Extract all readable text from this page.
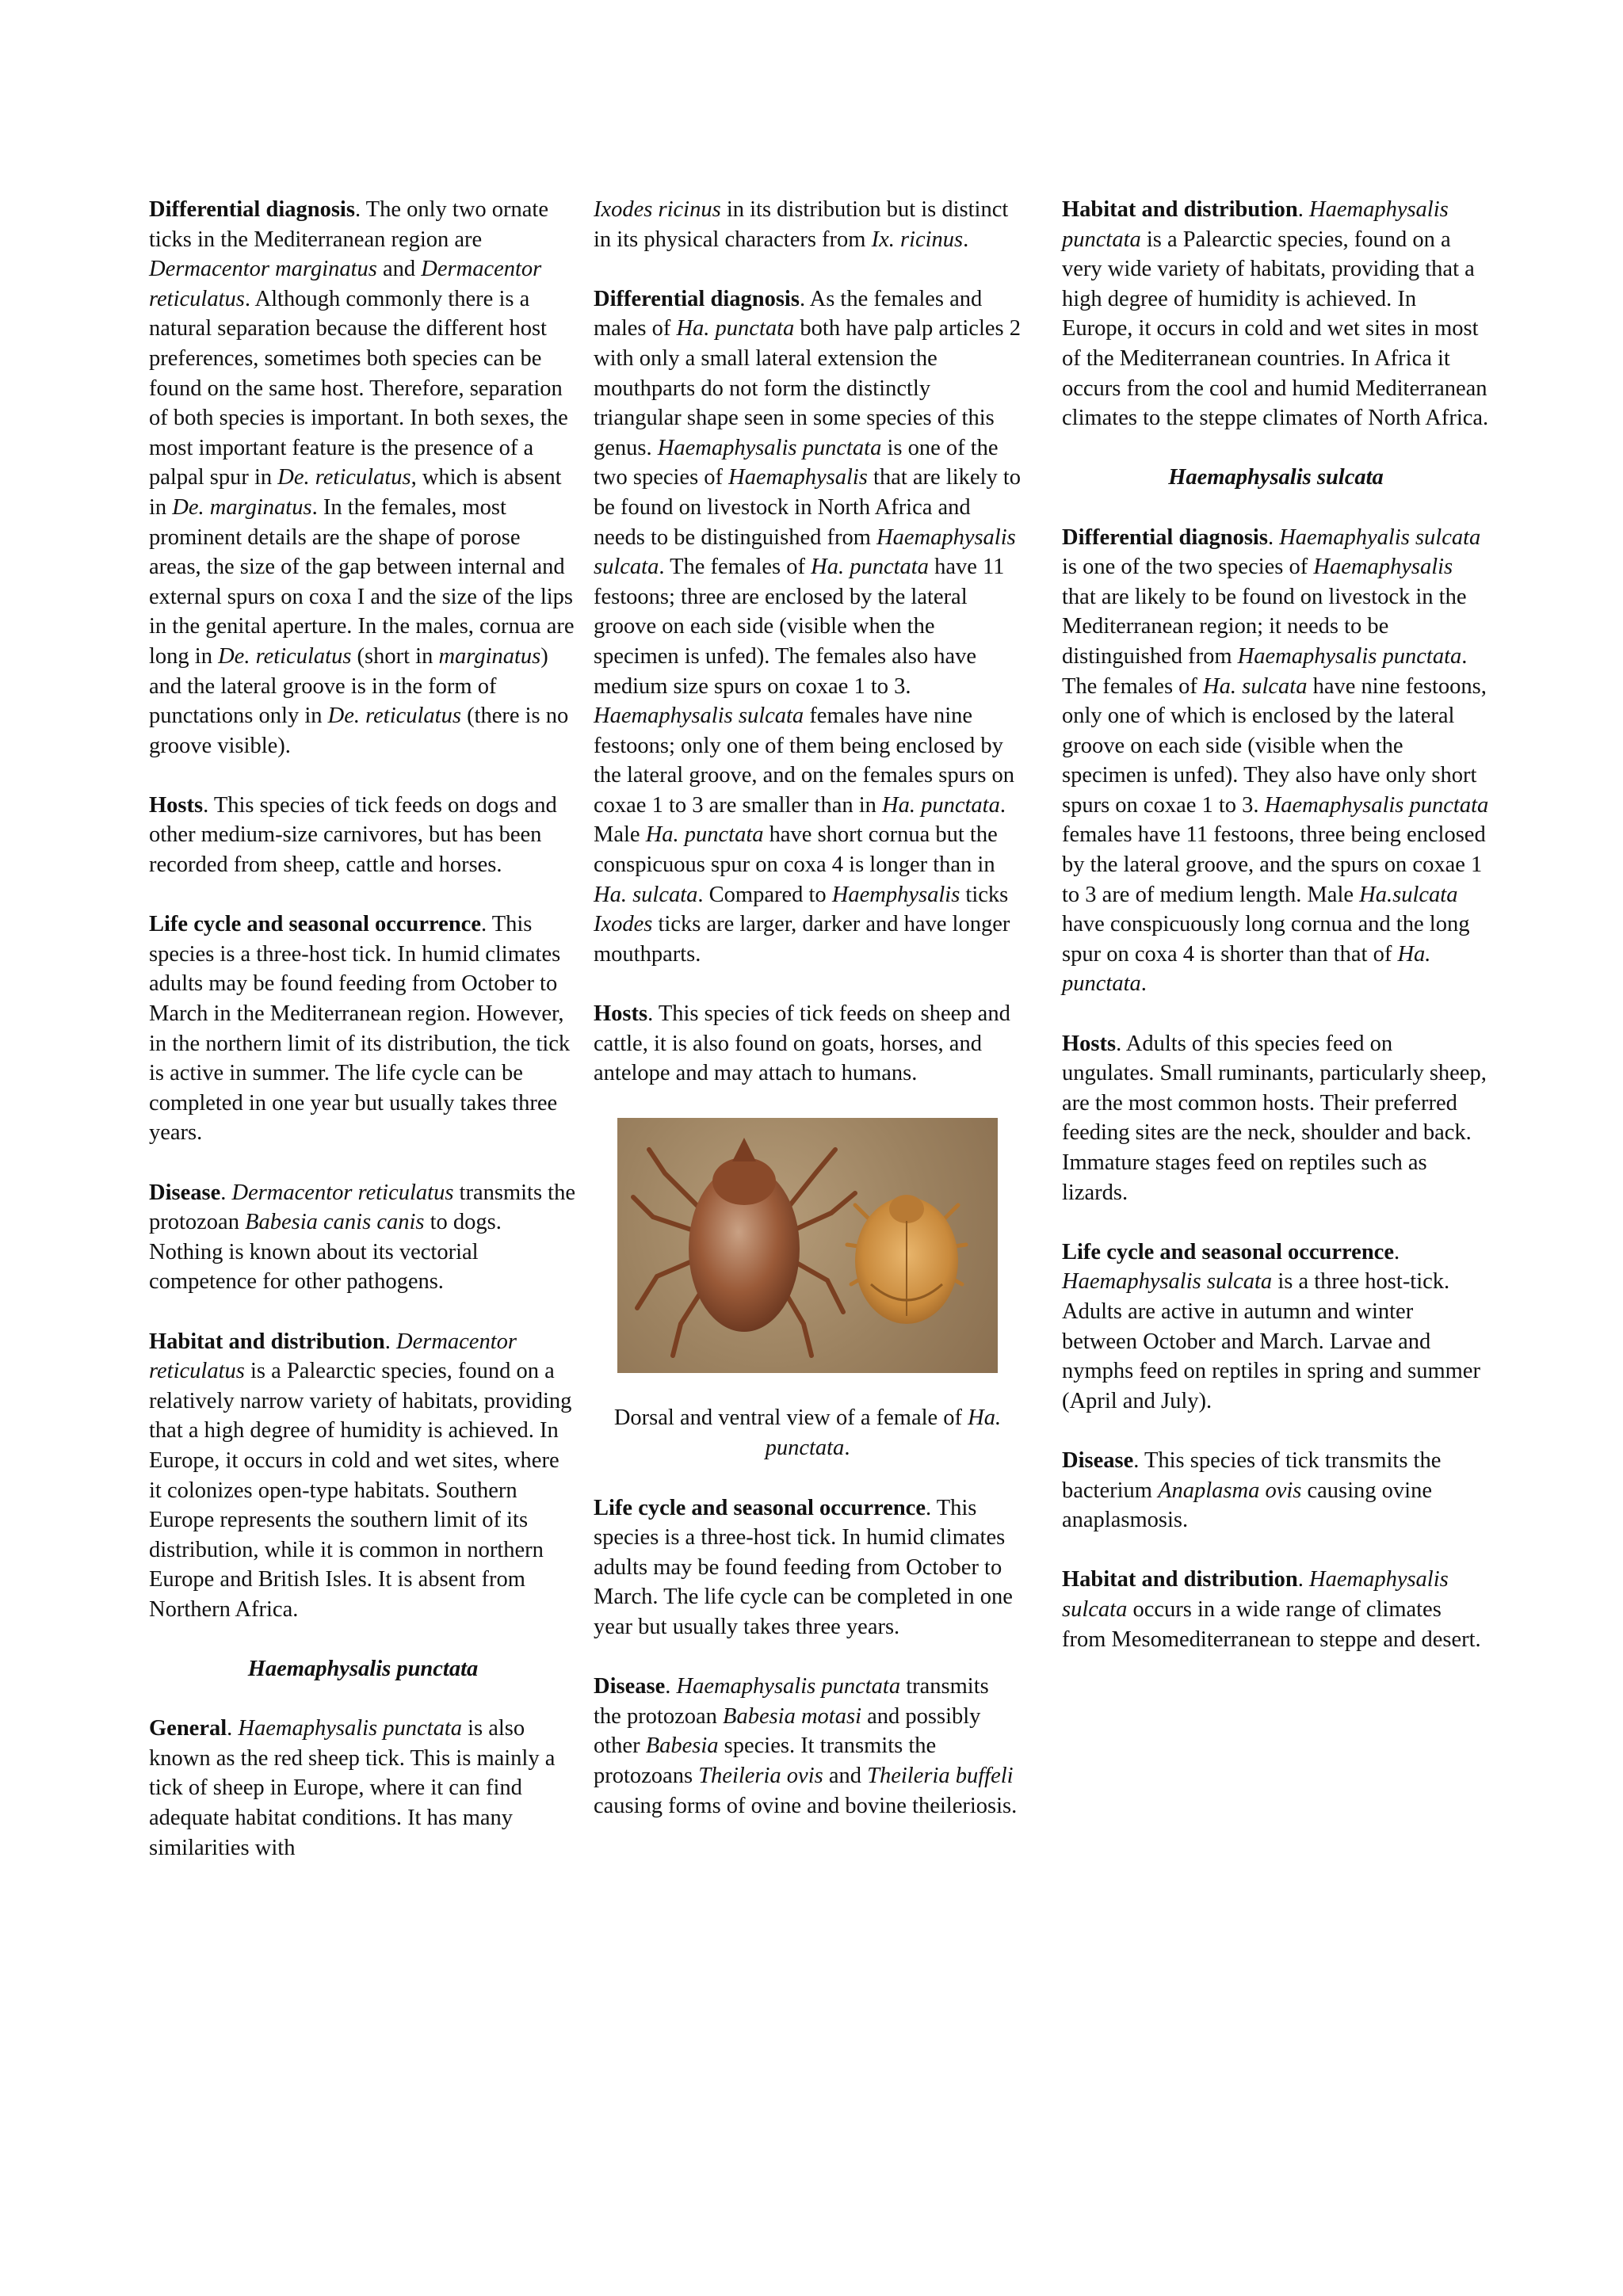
Differential diagnosis. The only two ornate ticks in the Mediterranean region are Dermacentor marginatus and Dermacentor reticulatus. Although commonly there is a natural separation because the different host preferences, sometimes both species can be found on the same host. Therefore, separation of both species is important. In both sexes, the most important feature is the presence of a palpal spur in De. reticulatus, which is absent in De. marginatus. In the females, most prominent details are the shape of porose areas, the size of the gap between internal and external spurs on coxa I and the size of the lips in the genital aperture. In the males, cornua are long in De. reticulatus (short in marginatus) and the lateral groove is in the form of punctations only in De. reticulatus (there is no groove visible).

Hosts. This species of tick feeds on dogs and other medium-size carnivores, but has been recorded from sheep, cattle and horses.

Life cycle and seasonal occurrence. This species is a three-host tick. In humid climates adults may be found feeding from October to March in the Mediterranean region. However, in the northern limit of its distribution, the tick is active in summer. The life cycle can be completed in one year but usually takes three years.

Disease. Dermacentor reticulatus transmits the protozoan Babesia canis canis to dogs. Nothing is known about its vectorial competence for other pathogens.

Habitat and distribution. Dermacentor reticulatus is a Palearctic species, found on a relatively narrow variety of habitats, providing that a high degree of humidity is achieved. In Europe, it occurs in cold and wet sites, where it colonizes open-type habitats. Southern Europe represents the southern limit of its distribution, while it is common in northern Europe and British Isles. It is absent from Northern Africa.

Haemaphysalis punctata

General. Haemaphysalis punctata is also known as the red sheep tick. This is mainly a tick of sheep in Europe, where it can find adequate habitat conditions. It has many similarities with

Ixodes ricinus in its distribution but is distinct in its physical characters from Ix. ricinus.

Differential diagnosis. As the females and males of Ha. punctata both have palp articles 2 with only a small lateral extension the mouthparts do not form the distinctly triangular shape seen in some species of this genus. Haemaphysalis punctata is one of the two species of Haemaphysalis that are likely to be found on livestock in North Africa and needs to be distinguished from Haemaphysalis sulcata. The females of Ha. punctata have 11 festoons; three are enclosed by the lateral groove on each side (visible when the specimen is unfed). The females also have medium size spurs on coxae 1 to 3. Haemaphysalis sulcata females have nine festoons; only one of them being enclosed by the lateral groove, and on the females spurs on coxae 1 to 3 are smaller than in Ha. punctata. Male Ha. punctata have short cornua but the conspicuous spur on coxa 4 is longer than in Ha. sulcata. Compared to Haemphysalis ticks Ixodes ticks are larger, darker and have longer mouthparts.

Hosts. This species of tick feeds on sheep and cattle, it is also found on goats, horses, and antelope and may attach to humans.

Dorsal and ventral view of a female of Ha. punctata.

Life cycle and seasonal occurrence. This species is a three-host tick. In humid climates adults may be found feeding from October to March. The life cycle can be completed in one year but usually takes three years.

Disease. Haemaphysalis punctata transmits the protozoan Babesia motasi and possibly other Babesia species. It transmits the protozoans Theileria ovis and Theileria buffeli causing forms of ovine and bovine theileriosis.

Habitat and distribution. Haemaphysalis punctata is a Palearctic species, found on a very wide variety of habitats, providing that a high degree of humidity is achieved. In Europe, it occurs in cold and wet sites in most of the Mediterranean countries. In Africa it occurs from the cool and humid Mediterranean climates to the steppe climates of North Africa.

Haemaphysalis sulcata

Differential diagnosis. Haemaphyalis sulcata is one of the two species of Haemaphysalis that are likely to be found on livestock in the Mediterranean region; it needs to be distinguished from Haemaphysalis punctata. The females of Ha. sulcata have nine festoons, only one of which is enclosed by the lateral groove on each side (visible when the specimen is unfed). They also have only short spurs on coxae 1 to 3. Haemaphysalis punctata females have 11 festoons, three being enclosed by the lateral groove, and the spurs on coxae 1 to 3 are of medium length. Male Ha.sulcata have conspicuously long cornua and the long spur on coxa 4 is shorter than that of Ha. punctata.

Hosts. Adults of this species feed on ungulates. Small ruminants, particularly sheep, are the most common hosts. Their preferred feeding sites are the neck, shoulder and back. Immature stages feed on reptiles such as lizards.

Life cycle and seasonal occurrence. Haemaphysalis sulcata is a three host-tick. Adults are active in autumn and winter between October and March. Larvae and nymphs feed on reptiles in spring and summer (April and July).

Disease. This species of tick transmits the bacterium Anaplasma ovis causing ovine anaplasmosis.

Habitat and distribution. Haemaphysalis sulcata occurs in a wide range of climates from Mesomediterranean to steppe and desert.
